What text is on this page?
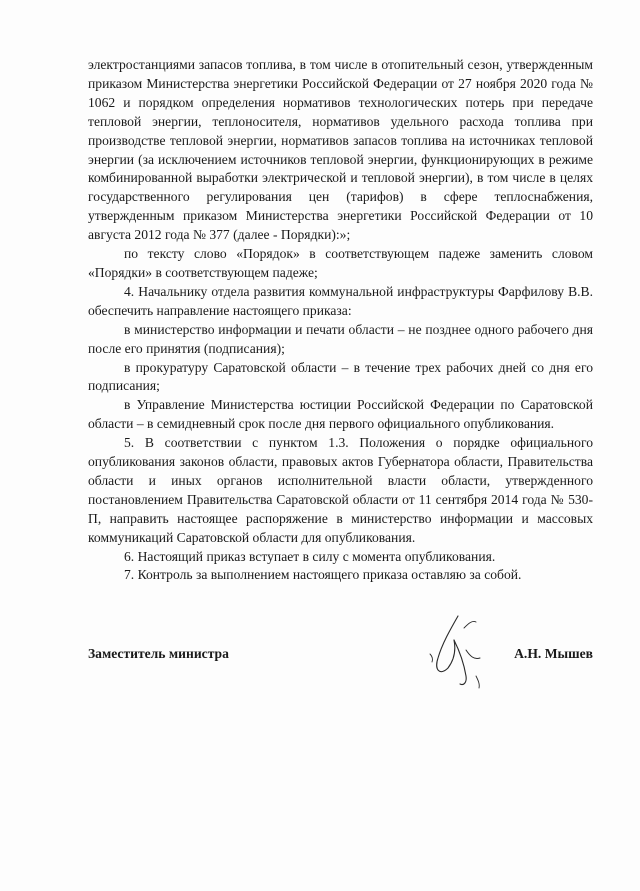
электростанциями запасов топлива, в том числе в отопительный сезон, утвержденным приказом Министерства энергетики Российской Федерации от 27 ноября 2020 года № 1062 и порядком определения нормативов технологических потерь при передаче тепловой энергии, теплоносителя, нормативов удельного расхода топлива при производстве тепловой энергии, нормативов запасов топлива на источниках тепловой энергии (за исключением источников тепловой энергии, функционирующих в режиме комбинированной выработки электрической и тепловой энергии), в том числе в целях государственного регулирования цен (тарифов) в сфере теплоснабжения, утвержденным приказом Министерства энергетики Российской Федерации от 10 августа 2012 года № 377 (далее - Порядки):»;

по тексту слово «Порядок» в соответствующем падеже заменить словом «Порядки» в соответствующем падеже;

4. Начальнику отдела развития коммунальной инфраструктуры Фарфилову В.В. обеспечить направление настоящего приказа:

в министерство информации и печати области – не позднее одного рабочего дня после его принятия (подписания);

в прокуратуру Саратовской области – в течение трех рабочих дней со дня его подписания;

в Управление Министерства юстиции Российской Федерации по Саратовской области – в семидневный срок после дня первого официального опубликования.

5. В соответствии с пунктом 1.3. Положения о порядке официального опубликования законов области, правовых актов Губернатора области, Правительства области и иных органов исполнительной власти области, утвержденного постановлением Правительства Саратовской области от 11 сентября 2014 года № 530-П, направить настоящее распоряжение в министерство информации и массовых коммуникаций Саратовской области для опубликования.

6. Настоящий приказ вступает в силу с момента опубликования.

7. Контроль за выполнением настоящего приказа оставляю за собой.

Заместитель министра	А.Н. Мышев
